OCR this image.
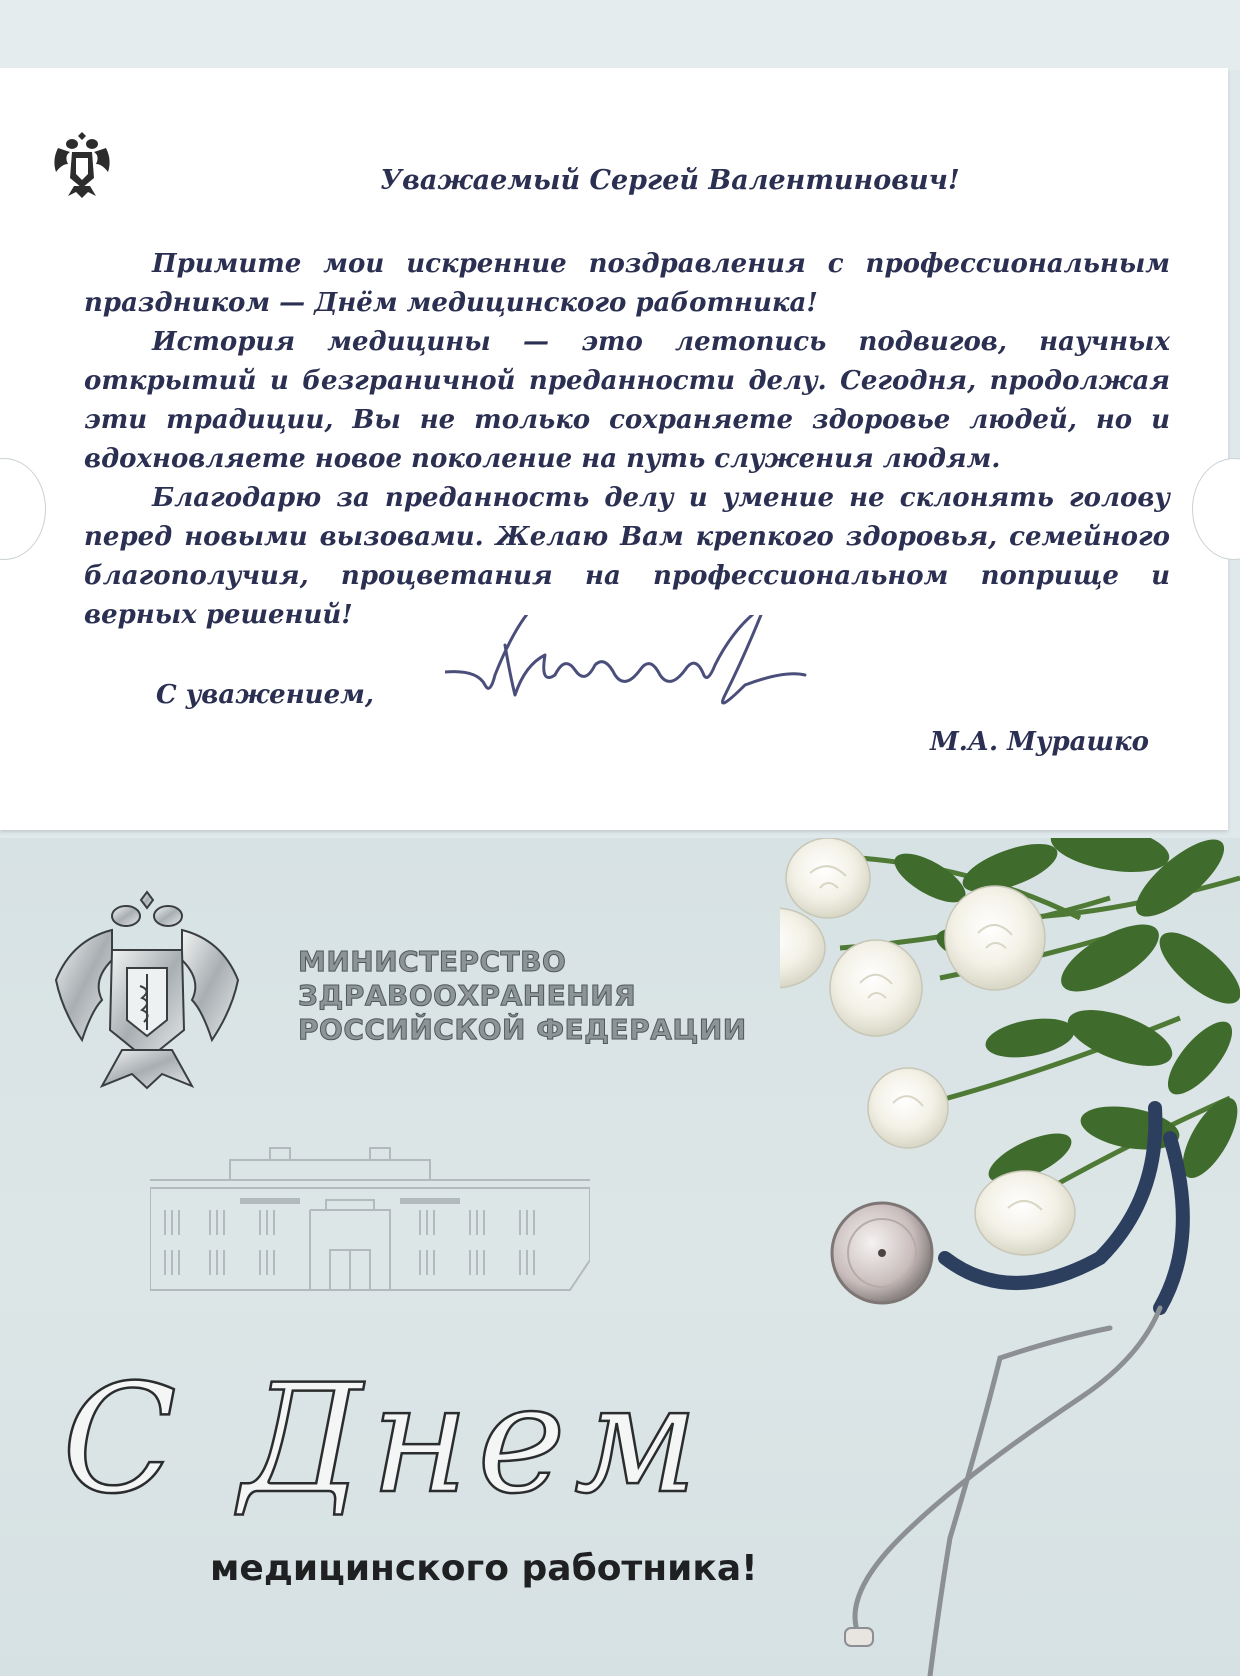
Уважаемый Сергей Валентинович!

Примите мои искренние поздравления с профессиональным праздником — Днём медицинского работника!

История медицины — это летопись подвигов, научных открытий и безграничной преданности делу. Сегодня, продолжая эти традиции, Вы не только сохраняете здоровье людей, но и вдохновляете новое поколение на путь служения людям.

Благодарю за преданность делу и умение не склонять голову перед новыми вызовами. Желаю Вам крепкого здоровья, семейного благополучия, процветания на профессиональном поприще и верных решений!

С уважением,
М.А. Мурашко
МИНИСТЕРСТВО
ЗДРАВООХРАНЕНИЯ
РОССИЙСКОЙ ФЕДЕРАЦИИ
С Днем
медицинского работника!
